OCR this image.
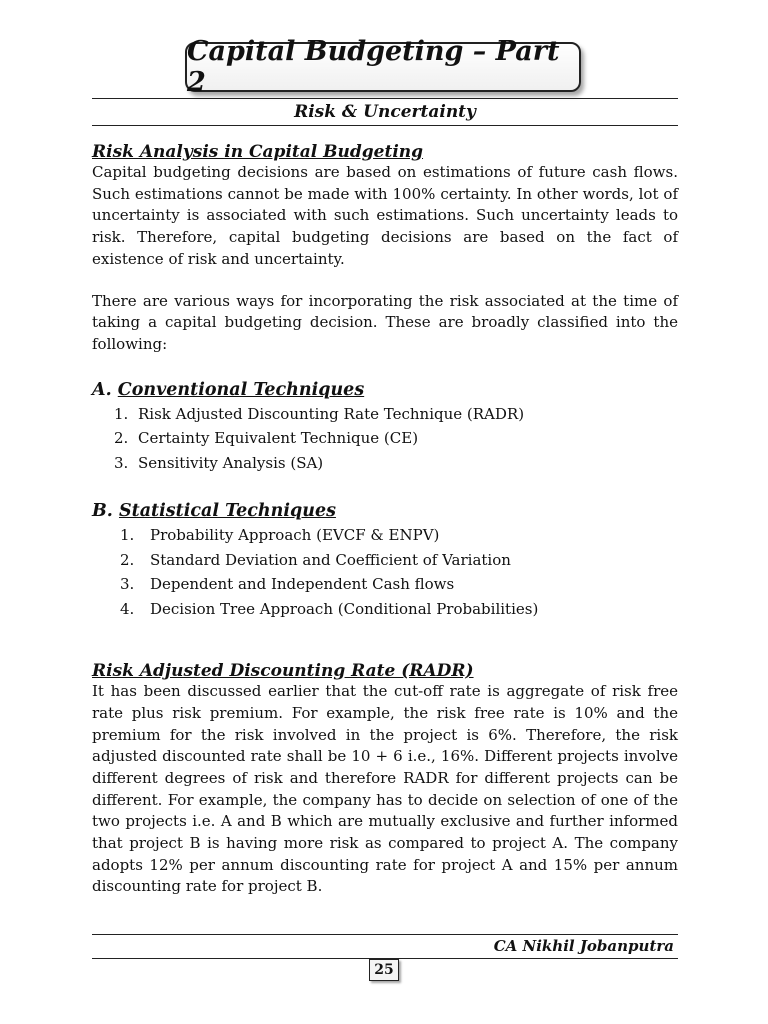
Capital Budgeting – Part 2
Risk & Uncertainty

Risk Analysis in Capital Budgeting

Capital budgeting decisions are based on estimations of future cash flows. Such estimations cannot be made with 100% certainty. In other words, lot of uncertainty is associated with such estimations. Such uncertainty leads to risk. Therefore, capital budgeting decisions are based on the fact of existence of risk and uncertainty.

There are various ways for incorporating the risk associated at the time of taking a capital budgeting decision. These are broadly classified into the following:

A. Conventional Techniques

1. Risk Adjusted Discounting Rate Technique (RADR)
2. Certainty Equivalent Technique (CE)
3. Sensitivity Analysis (SA)

B. Statistical Techniques

1.	Probability Approach (EVCF & ENPV)
2.	Standard Deviation and Coefficient of Variation
3.	Dependent and Independent Cash flows
4.	Decision Tree Approach (Conditional Probabilities)

Risk Adjusted Discounting Rate (RADR)

It has been discussed earlier that the cut-off rate is aggregate of risk free rate plus risk premium. For example, the risk free rate is 10% and the premium for the risk involved in the project is 6%. Therefore, the risk adjusted discounted rate shall be 10 + 6 i.e., 16%. Different projects involve different degrees of risk and therefore RADR for different projects can be different. For example, the company has to decide on selection of one of the two projects i.e. A and B which are mutually exclusive and further informed that project B is having more risk as compared to project A. The company adopts 12% per annum discounting rate for project A and 15% per annum discounting rate for project B.

CA Nikhil Jobanputra
25
